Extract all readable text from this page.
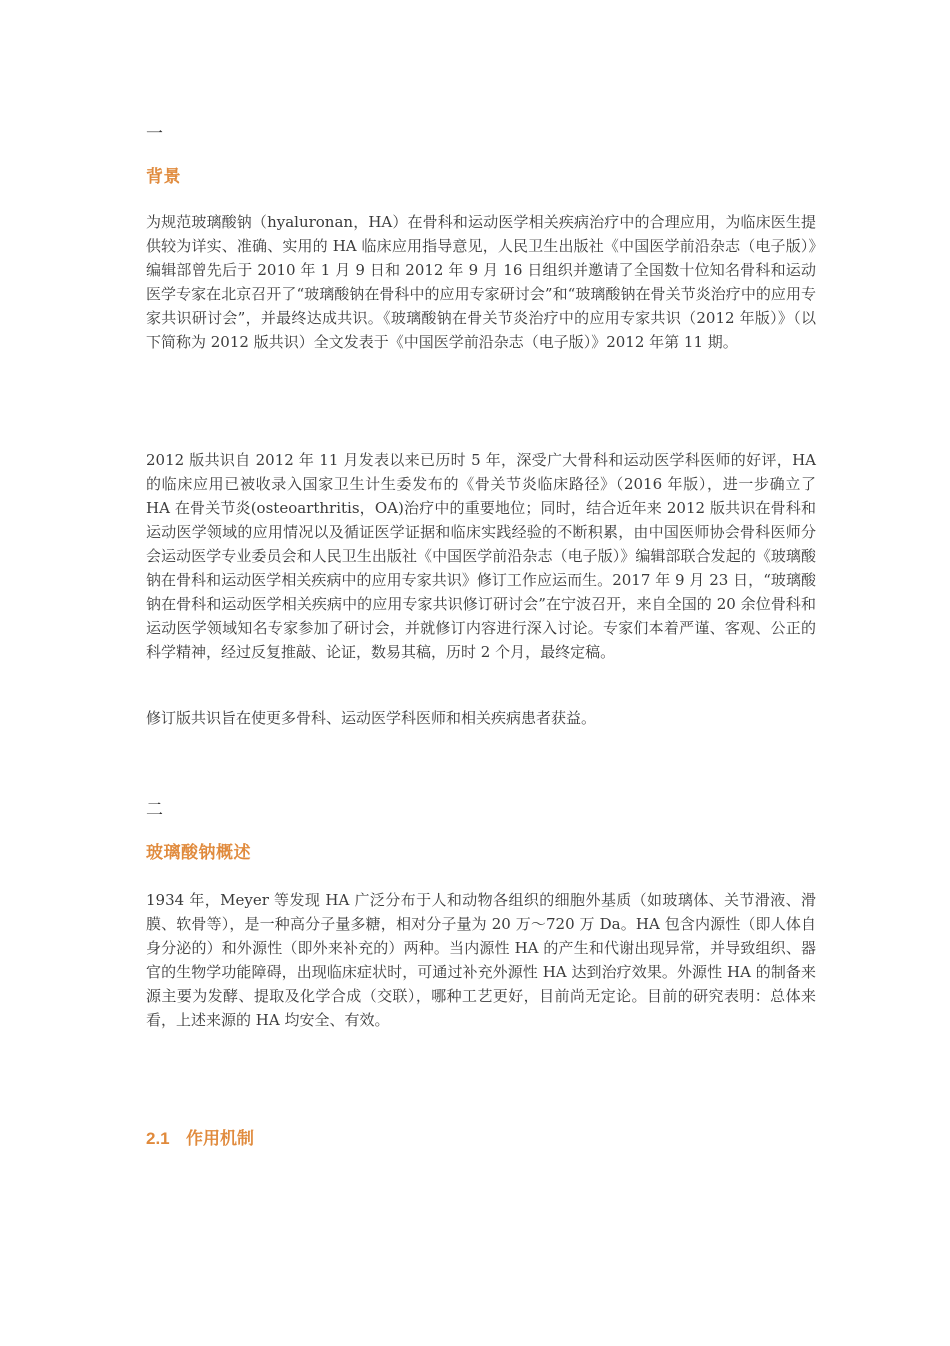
一
背景

为规范玻璃酸钠（hyaluronan，HA）在骨科和运动医学相关疾病治疗中的合理应用，为临床医生提供较为详实、准确、实用的 HA 临床应用指导意见，人民卫生出版社《中国医学前沿杂志（电子版）》编辑部曾先后于 2010 年 1 月 9 日和 2012 年 9 月 16 日组织并邀请了全国数十位知名骨科和运动医学专家在北京召开了“玻璃酸钠在骨科中的应用专家研讨会”和“玻璃酸钠在骨关节炎治疗中的应用专家共识研讨会”，并最终达成共识。《玻璃酸钠在骨关节炎治疗中的应用专家共识（2012 年版）》（以下简称为 2012 版共识）全文发表于《中国医学前沿杂志（电子版）》2012 年第 11 期。

2012 版共识自 2012 年 11 月发表以来已历时 5 年，深受广大骨科和运动医学科医师的好评，HA 的临床应用已被收录入国家卫生计生委发布的《骨关节炎临床路径》（2016 年版），进一步确立了 HA 在骨关节炎(osteoarthritis，OA)治疗中的重要地位；同时，结合近年来 2012 版共识在骨科和运动医学领域的应用情况以及循证医学证据和临床实践经验的不断积累，由中国医师协会骨科医师分会运动医学专业委员会和人民卫生出版社《中国医学前沿杂志（电子版）》编辑部联合发起的《玻璃酸钠在骨科和运动医学相关疾病中的应用专家共识》修订工作应运而生。2017 年 9 月 23 日，“玻璃酸钠在骨科和运动医学相关疾病中的应用专家共识修订研讨会”在宁波召开，来自全国的 20 余位骨科和运动医学领域知名专家参加了研讨会，并就修订内容进行深入讨论。专家们本着严谨、客观、公正的科学精神，经过反复推敲、论证，数易其稿，历时 2 个月，最终定稿。

修订版共识旨在使更多骨科、运动医学科医师和相关疾病患者获益。

二
玻璃酸钠概述

1934 年，Meyer 等发现 HA 广泛分布于人和动物各组织的细胞外基质（如玻璃体、关节滑液、滑膜、软骨等），是一种高分子量多糖，相对分子量为 20 万～720 万 Da。HA 包含内源性（即人体自身分泌的）和外源性（即外来补充的）两种。当内源性 HA 的产生和代谢出现异常，并导致组织、器官的生物学功能障碍，出现临床症状时，可通过补充外源性 HA 达到治疗效果。外源性 HA 的制备来源主要为发酵、提取及化学合成（交联），哪种工艺更好，目前尚无定论。目前的研究表明：总体来看，上述来源的 HA 均安全、有效。

2.1 作用机制
